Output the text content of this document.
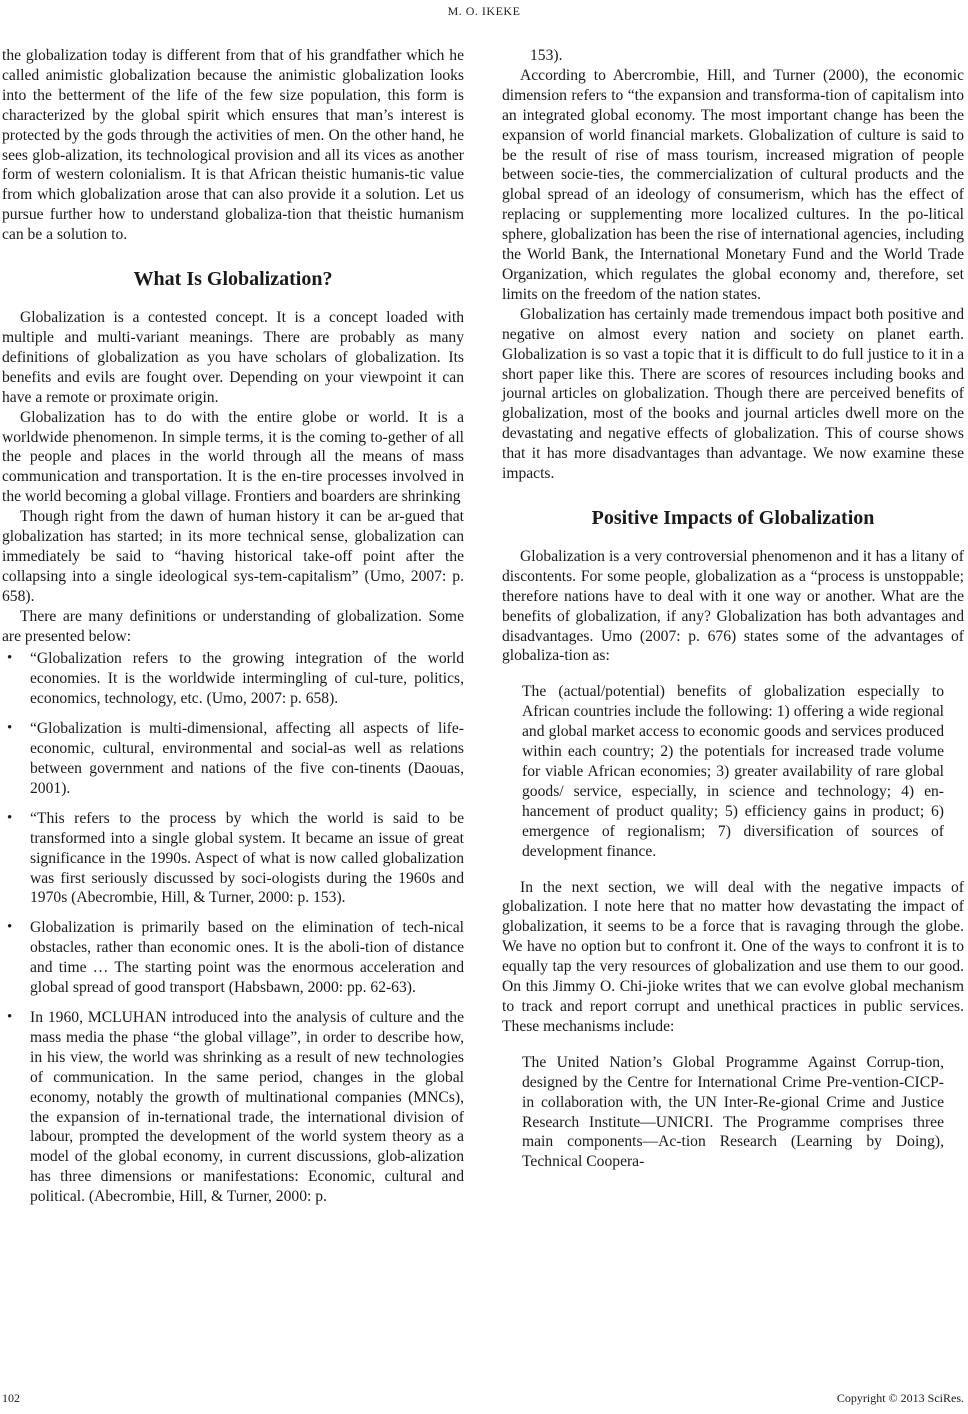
M. O. IKEKE

the globalization today is different from that of his grandfather which he called animistic globalization because the animistic globalization looks into the betterment of the life of the few size population, this form is characterized by the global spirit which ensures that man’s interest is protected by the gods through the activities of men. On the other hand, he sees glob-alization, its technological provision and all its vices as another form of western colonialism. It is that African theistic humanis-tic value from which globalization arose that can also provide it a solution. Let us pursue further how to understand globaliza-tion that theistic humanism can be a solution to.

What Is Globalization?

Globalization is a contested concept. It is a concept loaded with multiple and multi-variant meanings. There are probably as many definitions of globalization as you have scholars of globalization. Its benefits and evils are fought over. Depending on your viewpoint it can have a remote or proximate origin.

Globalization has to do with the entire globe or world. It is a worldwide phenomenon. In simple terms, it is the coming to-gether of all the people and places in the world through all the means of mass communication and transportation. It is the en-tire processes involved in the world becoming a global village. Frontiers and boarders are shrinking

Though right from the dawn of human history it can be ar-gued that globalization has started; in its more technical sense, globalization can immediately be said to “having historical take-off point after the collapsing into a single ideological sys-tem-capitalism” (Umo, 2007: p. 658).

There are many definitions or understanding of globalization. Some are presented below:

• “Globalization refers to the growing integration of the world economies. It is the worldwide intermingling of cul-ture, politics, economics, technology, etc. (Umo, 2007: p. 658).
• “Globalization is multi-dimensional, affecting all aspects of life-economic, cultural, environmental and social-as well as relations between government and nations of the five con-tinents (Daouas, 2001).
• “This refers to the process by which the world is said to be transformed into a single global system. It became an issue of great significance in the 1990s. Aspect of what is now called globalization was first seriously discussed by soci-ologists during the 1960s and 1970s (Abecrombie, Hill, & Turner, 2000: p. 153).
• Globalization is primarily based on the elimination of tech-nical obstacles, rather than economic ones. It is the aboli-tion of distance and time … The starting point was the enormous acceleration and global spread of good transport (Habsbawn, 2000: pp. 62-63).
• In 1960, MCLUHAN introduced into the analysis of culture and the mass media the phase “the global village”, in order to describe how, in his view, the world was shrinking as a result of new technologies of communication. In the same period, changes in the global economy, notably the growth of multinational companies (MNCs), the expansion of in-ternational trade, the international division of labour, prompted the development of the world system theory as a model of the global economy, in current discussions, glob-alization has three dimensions or manifestations: Economic, cultural and political. (Abecrombie, Hill, & Turner, 2000: p.

153).

According to Abercrombie, Hill, and Turner (2000), the economic dimension refers to “the expansion and transforma-tion of capitalism into an integrated global economy. The most important change has been the expansion of world financial markets. Globalization of culture is said to be the result of rise of mass tourism, increased migration of people between socie-ties, the commercialization of cultural products and the global spread of an ideology of consumerism, which has the effect of replacing or supplementing more localized cultures. In the po-litical sphere, globalization has been the rise of international agencies, including the World Bank, the International Monetary Fund and the World Trade Organization, which regulates the global economy and, therefore, set limits on the freedom of the nation states.

Globalization has certainly made tremendous impact both positive and negative on almost every nation and society on planet earth. Globalization is so vast a topic that it is difficult to do full justice to it in a short paper like this. There are scores of resources including books and journal articles on globalization. Though there are perceived benefits of globalization, most of the books and journal articles dwell more on the devastating and negative effects of globalization. This of course shows that it has more disadvantages than advantage. We now examine these impacts.

Positive Impacts of Globalization

Globalization is a very controversial phenomenon and it has a litany of discontents. For some people, globalization as a “process is unstoppable; therefore nations have to deal with it one way or another. What are the benefits of globalization, if any? Globalization has both advantages and disadvantages. Umo (2007: p. 676) states some of the advantages of globaliza-tion as:

The (actual/potential) benefits of globalization especially to African countries include the following: 1) offering a wide regional and global market access to economic goods and services produced within each country; 2) the potentials for increased trade volume for viable African economies; 3) greater availability of rare global goods/ service, especially, in science and technology; 4) en-hancement of product quality; 5) efficiency gains in product; 6) emergence of regionalism; 7) diversification of sources of development finance.

In the next section, we will deal with the negative impacts of globalization. I note here that no matter how devastating the impact of globalization, it seems to be a force that is ravaging through the globe. We have no option but to confront it. One of the ways to confront it is to equally tap the very resources of globalization and use them to our good. On this Jimmy O. Chi-jioke writes that we can evolve global mechanism to track and report corrupt and unethical practices in public services. These mechanisms include:

The United Nation’s Global Programme Against Corrup-tion, designed by the Centre for International Crime Pre-vention-CICP-in collaboration with, the UN Inter-Re-gional Crime and Justice Research Institute—UNICRI. The Programme comprises three main components—Ac-tion Research (Learning by Doing), Technical Coopera-

102	Copyright © 2013 SciRes.
